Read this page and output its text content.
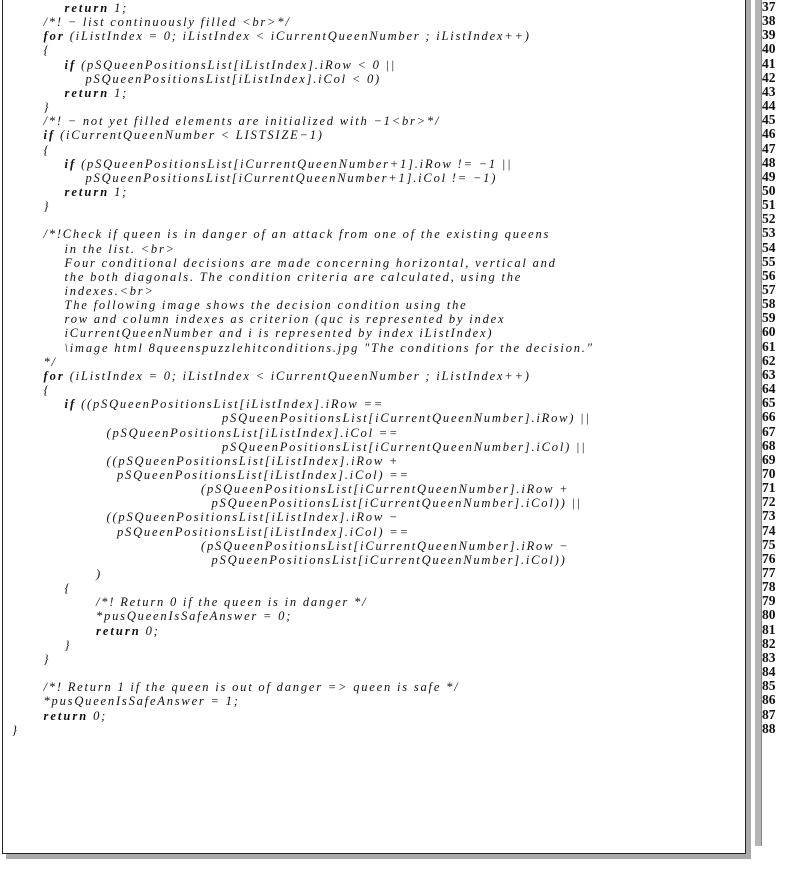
return 1;
/*! − list continuously filled <br>*/
for (iListIndex = 0; iListIndex < iCurrentQueenNumber ; iListIndex++)
{
if (pSQueenPositionsList[iListIndex].iRow < 0 ||
pSQueenPositionsList[iListIndex].iCol < 0)
return 1;
}
/*! − not yet filled elements are initialized with −1<br>*/
if (iCurrentQueenNumber < LISTSIZE−1)
{
if (pSQueenPositionsList[iCurrentQueenNumber+1].iRow != −1 ||
pSQueenPositionsList[iCurrentQueenNumber+1].iCol != −1)
return 1;
}
/*!Check if queen is in danger of an attack from one of the existing queens
in the list. <br>
Four conditional decisions are made concerning horizontal, vertical and
the both diagonals. The condition criteria are calculated, using the
indexes.<br>
The following image shows the decision condition using the
row and column indexes as criterion (quc is represented by index
iCurrentQueenNumber and i is represented by index iListIndex)
\image html 8queenspuzzlehitconditions.jpg "The conditions for the decision."
*/
for (iListIndex = 0; iListIndex < iCurrentQueenNumber ; iListIndex++)
{
if ((pSQueenPositionsList[iListIndex].iRow ==
pSQueenPositionsList[iCurrentQueenNumber].iRow) ||
(pSQueenPositionsList[iListIndex].iCol ==
pSQueenPositionsList[iCurrentQueenNumber].iCol) ||
((pSQueenPositionsList[iListIndex].iRow +
pSQueenPositionsList[iListIndex].iCol) ==
(pSQueenPositionsList[iCurrentQueenNumber].iRow +
pSQueenPositionsList[iCurrentQueenNumber].iCol)) ||
((pSQueenPositionsList[iListIndex].iRow −
pSQueenPositionsList[iListIndex].iCol) ==
(pSQueenPositionsList[iCurrentQueenNumber].iRow −
pSQueenPositionsList[iCurrentQueenNumber].iCol))
)
{
/*! Return 0 if the queen is in danger */
*pusQueenIsSafeAnswer = 0;
return 0;
}
}
/*! Return 1 if the queen is out of danger => queen is safe */
*pusQueenIsSafeAnswer = 1;
return 0;
}
37
38
39
40
41
42
43
44
45
46
47
48
49
50
51
52
53
54
55
56
57
58
59
60
61
62
63
64
65
66
67
68
69
70
71
72
73
74
75
76
77
78
79
80
81
82
83
84
85
86
87
88
